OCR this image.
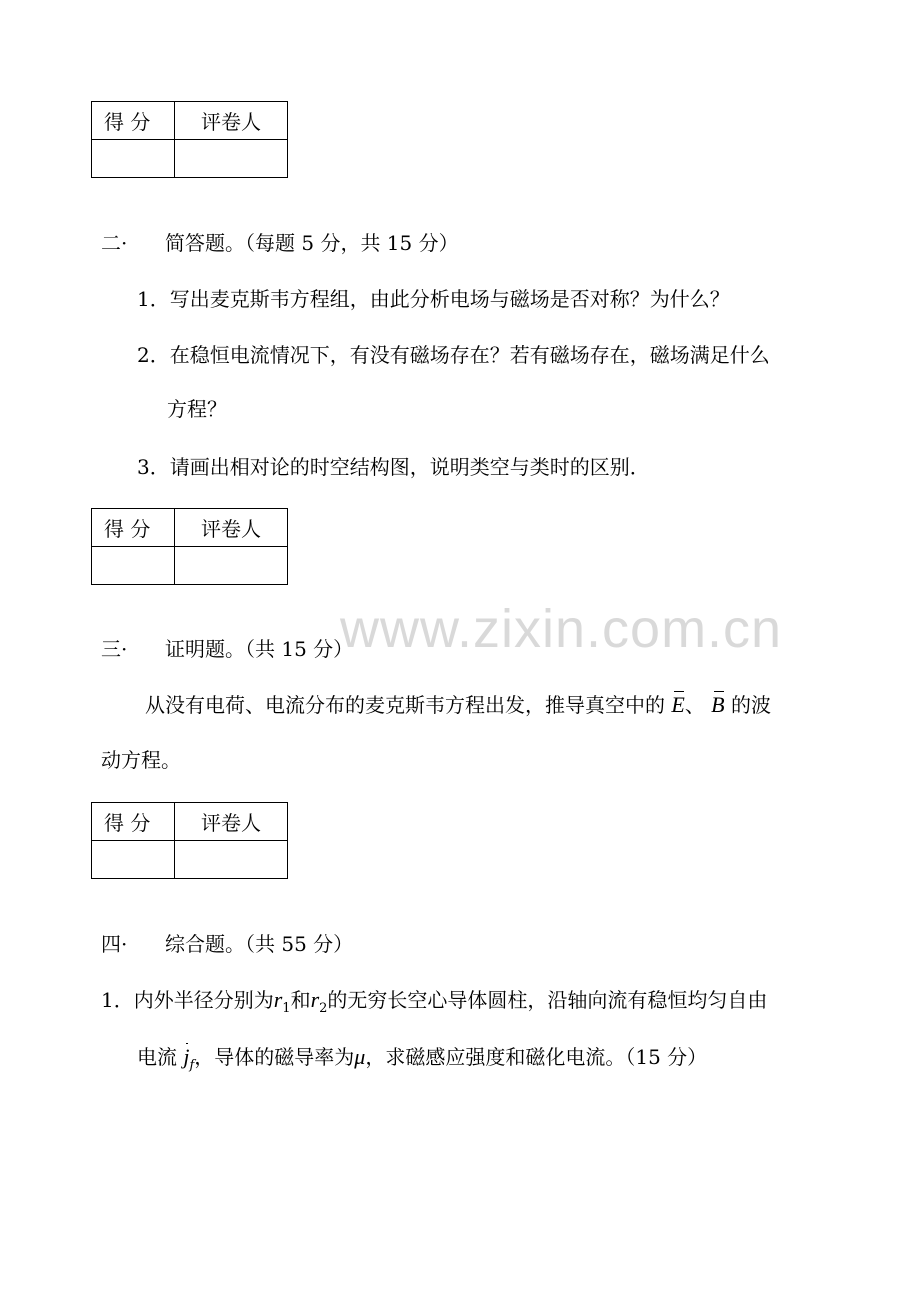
得 分	评卷人

二· 简答题。（每题 5 分，共 15 分）
1．写出麦克斯韦方程组，由此分析电场与磁场是否对称？为什么？
2．在稳恒电流情况下，有没有磁场存在？若有磁场存在，磁场满足什么
方程？
3．请画出相对论的时空结构图，说明类空与类时的区别．
得 分	评卷人

www.zixin.com.cn
三· 证明题。（共 15 分）
从没有电荷、电流分布的麦克斯韦方程出发，推导真空中的 E、 B 的波
动方程。
得 分	评卷人

四· 综合题。（共 55 分）
1．内外半径分别为$r_1$和$r_2$的无穷长空心导体圆柱，沿轴向流有稳恒均匀自由
电流 $j_f$，导体的磁导率为μ，求磁感应强度和磁化电流。（15 分）
